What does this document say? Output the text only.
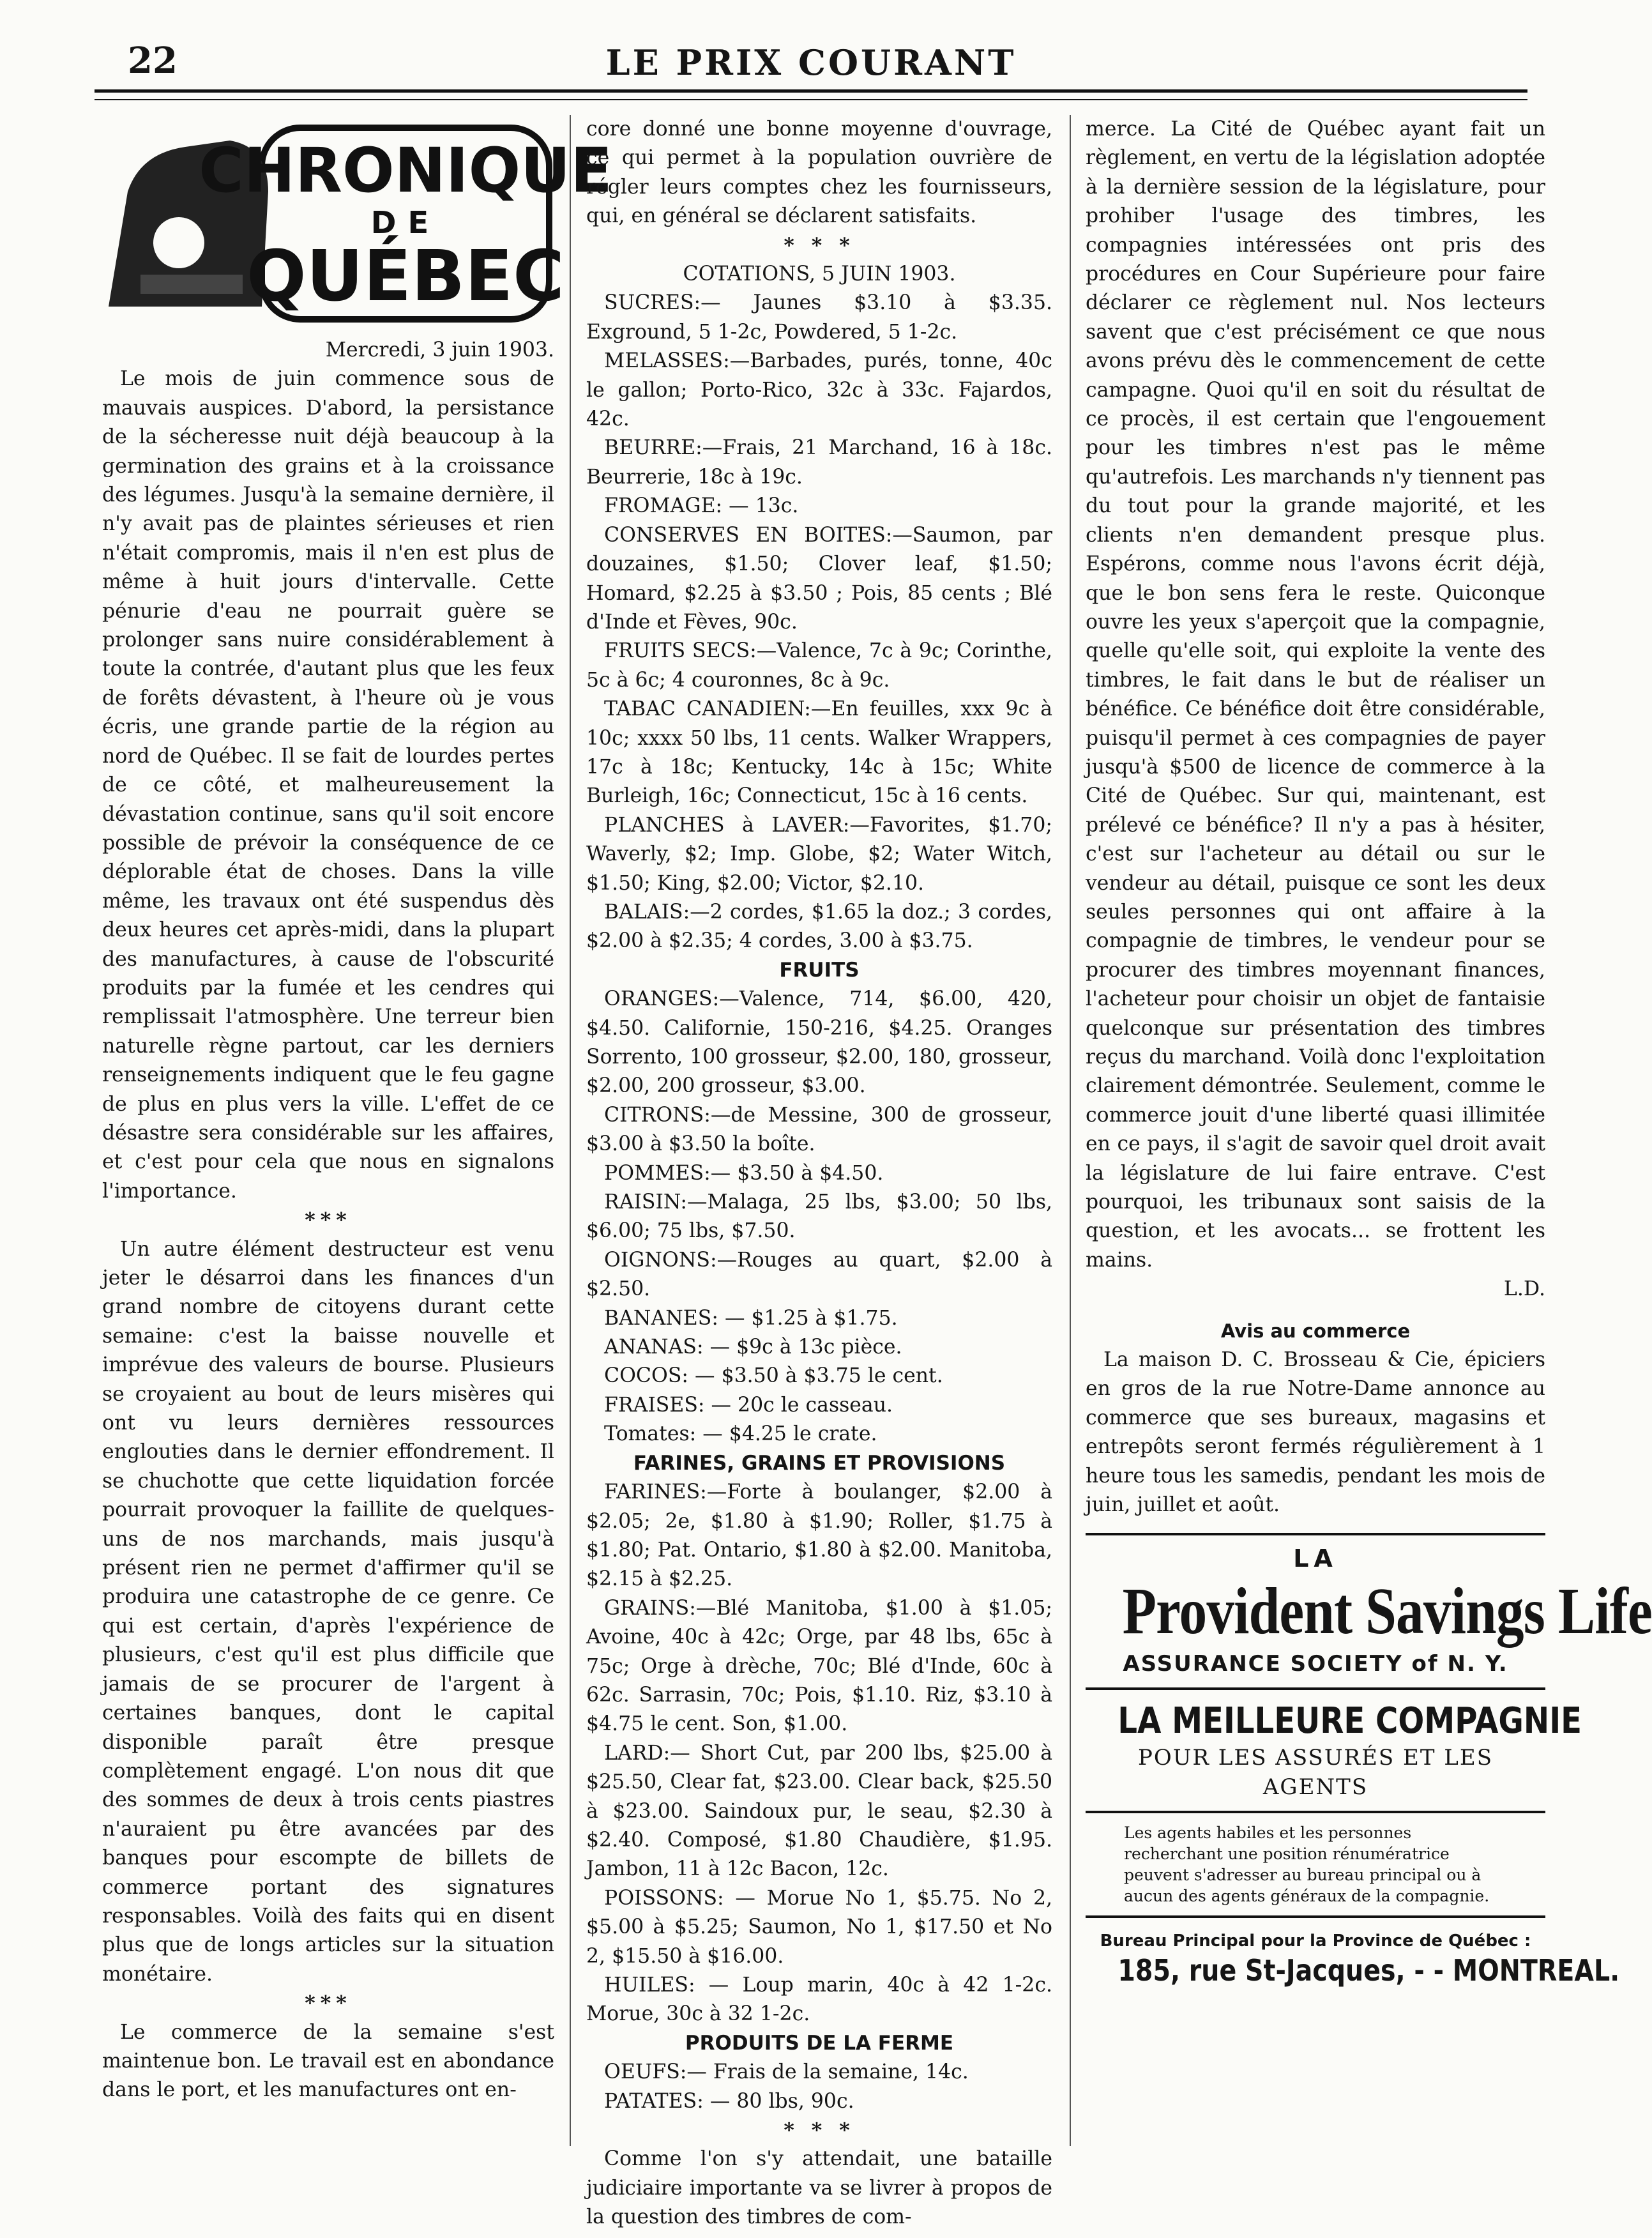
22	LE PRIX COURANT
CHRONIQUE
DE
QUÉBEC

Mercredi, 3 juin 1903.

Le mois de juin commence sous de mauvais auspices. D'abord, la persistance de la sécheresse nuit déjà beaucoup à la germination des grains et à la croissance des légumes. Jusqu'à la semaine dernière, il n'y avait pas de plaintes sérieuses et rien n'était compromis, mais il n'en est plus de même à huit jours d'intervalle. Cette pénurie d'eau ne pourrait guère se prolonger sans nuire considérablement à toute la contrée, d'autant plus que les feux de forêts dévastent, à l'heure où je vous écris, une grande partie de la région au nord de Québec. Il se fait de lourdes pertes de ce côté, et malheureusement la dévastation continue, sans qu'il soit encore possible de prévoir la conséquence de ce déplorable état de choses. Dans la ville même, les travaux ont été suspendus dès deux heures cet après-midi, dans la plupart des manufactures, à cause de l'obscurité produits par la fumée et les cendres qui remplissait l'atmosphère. Une terreur bien naturelle règne partout, car les derniers renseignements indiquent que le feu gagne de plus en plus vers la ville. L'effet de ce désastre sera considérable sur les affaires, et c'est pour cela que nous en signalons l'importance.

***

Un autre élément destructeur est venu jeter le désarroi dans les finances d'un grand nombre de citoyens durant cette semaine: c'est la baisse nouvelle et imprévue des valeurs de bourse. Plusieurs se croyaient au bout de leurs misères qui ont vu leurs dernières ressources englouties dans le dernier effondrement. Il se chuchotte que cette liquidation forcée pourrait provoquer la faillite de quelques-uns de nos marchands, mais jusqu'à présent rien ne permet d'affirmer qu'il se produira une catastrophe de ce genre. Ce qui est certain, d'après l'expérience de plusieurs, c'est qu'il est plus difficile que jamais de se procurer de l'argent à certaines banques, dont le capital disponible paraît être presque complètement engagé. L'on nous dit que des sommes de deux à trois cents piastres n'auraient pu être avancées par des banques pour escompte de billets de commerce portant des signatures responsables. Voilà des faits qui en disent plus que de longs articles sur la situation monétaire.

***

Le commerce de la semaine s'est maintenue bon. Le travail est en abondance dans le port, et les manufactures ont en-

core donné une bonne moyenne d'ouvrage, ce qui permet à la population ouvrière de régler leurs comptes chez les fournisseurs, qui, en général se déclarent satisfaits.

* * *

COTATIONS, 5 JUIN 1903.

SUCRES:— Jaunes $3.10 à $3.35. Exground, 5 1-2c, Powdered, 5 1-2c.

MELASSES:—Barbades, purés, tonne, 40c le gallon; Porto-Rico, 32c à 33c. Fajardos, 42c.

BEURRE:—Frais, 21 Marchand, 16 à 18c. Beurrerie, 18c à 19c.

FROMAGE: — 13c.

CONSERVES EN BOITES:—Saumon, par douzaines, $1.50; Clover leaf, $1.50; Homard, $2.25 à $3.50 ; Pois, 85 cents ; Blé d'Inde et Fèves, 90c.

FRUITS SECS:—Valence, 7c à 9c; Corinthe, 5c à 6c; 4 couronnes, 8c à 9c.

TABAC CANADIEN:—En feuilles, xxx 9c à 10c; xxxx 50 lbs, 11 cents. Walker Wrappers, 17c à 18c; Kentucky, 14c à 15c; White Burleigh, 16c; Connecticut, 15c à 16 cents.

PLANCHES à LAVER:—Favorites, $1.70; Waverly, $2; Imp. Globe, $2; Water Witch, $1.50; King, $2.00; Victor, $2.10.

BALAIS:—2 cordes, $1.65 la doz.; 3 cordes, $2.00 à $2.35; 4 cordes, 3.00 à $3.75.

FRUITS

ORANGES:—Valence, 714, $6.00, 420, $4.50. Californie, 150-216, $4.25. Oranges Sorrento, 100 grosseur, $2.00, 180, grosseur, $2.00, 200 grosseur, $3.00.

CITRONS:—de Messine, 300 de grosseur, $3.00 à $3.50 la boîte.

POMMES:— $3.50 à $4.50.

RAISIN:—Malaga, 25 lbs, $3.00; 50 lbs, $6.00; 75 lbs, $7.50.

OIGNONS:—Rouges au quart, $2.00 à $2.50.

BANANES: — $1.25 à $1.75.

ANANAS: — $9c à 13c pièce.

COCOS: — $3.50 à $3.75 le cent.

FRAISES: — 20c le casseau.

Tomates: — $4.25 le crate.

FARINES, GRAINS ET PROVISIONS

FARINES:—Forte à boulanger, $2.00 à $2.05; 2e, $1.80 à $1.90; Roller, $1.75 à $1.80; Pat. Ontario, $1.80 à $2.00. Manitoba, $2.15 à $2.25.

GRAINS:—Blé Manitoba, $1.00 à $1.05; Avoine, 40c à 42c; Orge, par 48 lbs, 65c à 75c; Orge à drèche, 70c; Blé d'Inde, 60c à 62c. Sarrasin, 70c; Pois, $1.10. Riz, $3.10 à $4.75 le cent. Son, $1.00.

LARD:— Short Cut, par 200 lbs, $25.00 à $25.50, Clear fat, $23.00. Clear back, $25.50 à $23.00. Saindoux pur, le seau, $2.30 à $2.40. Composé, $1.80 Chaudière, $1.95. Jambon, 11 à 12c Bacon, 12c.

POISSONS: — Morue No 1, $5.75. No 2, $5.00 à $5.25; Saumon, No 1, $17.50 et No 2, $15.50 à $16.00.

HUILES: — Loup marin, 40c à 42 1-2c. Morue, 30c à 32 1-2c.

PRODUITS DE LA FERME

OEUFS:— Frais de la semaine, 14c.

PATATES: — 80 lbs, 90c.

* * *

Comme l'on s'y attendait, une bataille judiciaire importante va se livrer à propos de la question des timbres de com-

merce. La Cité de Québec ayant fait un règlement, en vertu de la législation adoptée à la dernière session de la législature, pour prohiber l'usage des timbres, les compagnies intéressées ont pris des procédures en Cour Supérieure pour faire déclarer ce règlement nul. Nos lecteurs savent que c'est précisément ce que nous avons prévu dès le commencement de cette campagne. Quoi qu'il en soit du résultat de ce procès, il est certain que l'engouement pour les timbres n'est pas le même qu'autrefois. Les marchands n'y tiennent pas du tout pour la grande majorité, et les clients n'en demandent presque plus. Espérons, comme nous l'avons écrit déjà, que le bon sens fera le reste. Quiconque ouvre les yeux s'aperçoit que la compagnie, quelle qu'elle soit, qui exploite la vente des timbres, le fait dans le but de réaliser un bénéfice. Ce bénéfice doit être considérable, puisqu'il permet à ces compagnies de payer jusqu'à $500 de licence de commerce à la Cité de Québec. Sur qui, maintenant, est prélevé ce bénéfice? Il n'y a pas à hésiter, c'est sur l'acheteur au détail ou sur le vendeur au détail, puisque ce sont les deux seules personnes qui ont affaire à la compagnie de timbres, le vendeur pour se procurer des timbres moyennant finances, l'acheteur pour choisir un objet de fantaisie quelconque sur présentation des timbres reçus du marchand. Voilà donc l'exploitation clairement démontrée. Seulement, comme le commerce jouit d'une liberté quasi illimitée en ce pays, il s'agit de savoir quel droit avait la législature de lui faire entrave. C'est pourquoi, les tribunaux sont saisis de la question, et les avocats... se frottent les mains.

L.D.

Avis au commerce

La maison D. C. Brosseau & Cie, épiciers en gros de la rue Notre-Dame annonce au commerce que ses bureaux, magasins et entrepôts seront fermés régulièrement à 1 heure tous les samedis, pendant les mois de juin, juillet et août.

LA
Provident Savings Life
ASSURANCE SOCIETY of N. Y.
LA MEILLEURE COMPAGNIE
POUR LES ASSURÉS ET LES AGENTS
Les agents habiles et les personnes recherchant une position rénumératrice peuvent s'adresser au bureau principal ou à aucun des agents généraux de la compagnie.
Bureau Principal pour la Province de Québec :
185, rue St-Jacques, - - MONTREAL.
